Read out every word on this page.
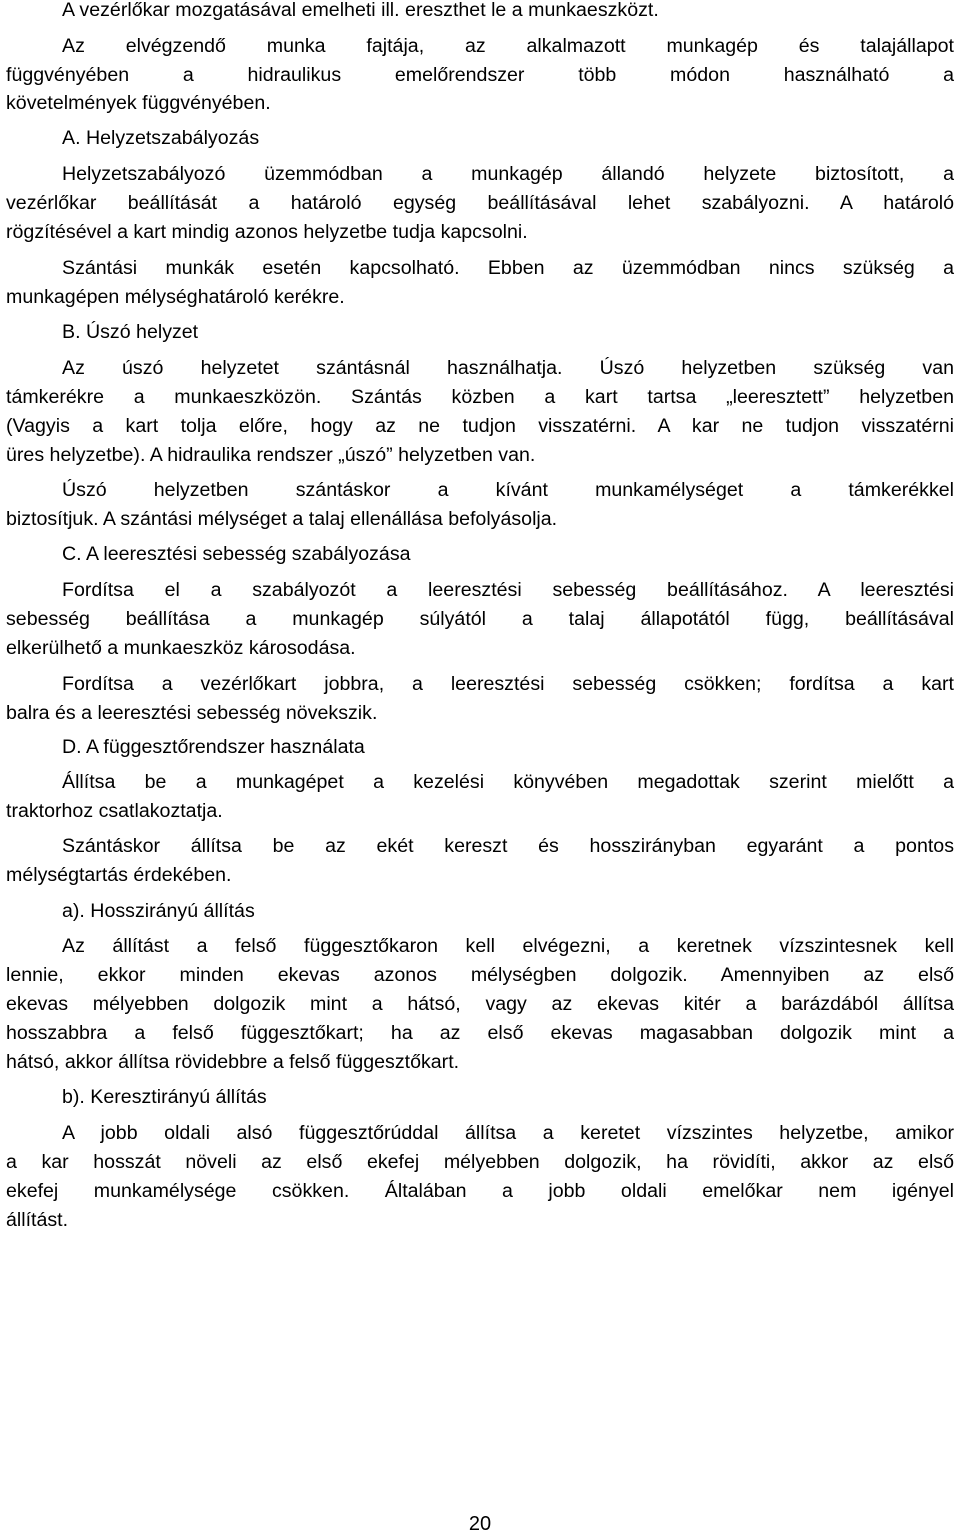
A vezérlőkar mozgatásával emelheti ill. ereszthet le a munkaeszközt.
Az elvégzendő munka fajtája, az alkalmazott munkagép és talajállapot
függvényében a hidraulikus emelőrendszer több módon használható a
követelmények függvényében.
A. Helyzetszabályozás
Helyzetszabályozó üzemmódban a munkagép állandó helyzete biztosított, a
vezérlőkar beállítását a határoló egység beállításával lehet szabályozni. A határoló
rögzítésével a kart mindig azonos helyzetbe tudja kapcsolni.
Szántási munkák esetén kapcsolható. Ebben az üzemmódban nincs szükség a
munkagépen mélységhatároló kerékre.
B. Úszó helyzet
Az úszó helyzetet szántásnál használhatja. Úszó helyzetben szükség van
támkerékre a munkaeszközön. Szántás közben a kart tartsa „leeresztett” helyzetben
(Vagyis a kart tolja előre, hogy az ne tudjon visszatérni. A kar ne tudjon visszatérni
üres helyzetbe). A hidraulika rendszer „úszó” helyzetben van.
Úszó helyzetben szántáskor a kívánt munkamélységet a támkerékkel
biztosítjuk. A szántási mélységet a talaj ellenállása befolyásolja.
C. A leeresztési sebesség szabályozása
Fordítsa el a szabályozót a leeresztési sebesség beállításához. A leeresztési
sebesség beállítása a munkagép súlyától a talaj állapotától függ, beállításával
elkerülhető a munkaeszköz károsodása.
Fordítsa a vezérlőkart jobbra, a leeresztési sebesség csökken; fordítsa a kart
balra és a leeresztési sebesség növekszik.
D. A függesztőrendszer használata
Állítsa be a munkagépet a kezelési könyvében megadottak szerint mielőtt a
traktorhoz csatlakoztatja.
Szántáskor állítsa be az ekét kereszt és hosszirányban egyaránt a pontos
mélységtartás érdekében.
a). Hosszirányú állítás
Az állítást a felső függesztőkaron kell elvégezni, a keretnek vízszintesnek kell
lennie, ekkor minden ekevas azonos mélységben dolgozik. Amennyiben az első
ekevas mélyebben dolgozik mint a hátsó, vagy az ekevas kitér a barázdából állítsa
hosszabbra a felső függesztőkart; ha az első ekevas magasabban dolgozik mint a
hátsó, akkor állítsa rövidebbre a felső függesztőkart.
b). Keresztirányú állítás
A jobb oldali alsó függesztőrúddal állítsa a keretet vízszintes helyzetbe, amikor
a kar hosszát növeli az első ekefej mélyebben dolgozik, ha rövidíti, akkor az első
ekefej munkamélysége csökken. Általában a jobb oldali emelőkar nem igényel
állítást.
20
